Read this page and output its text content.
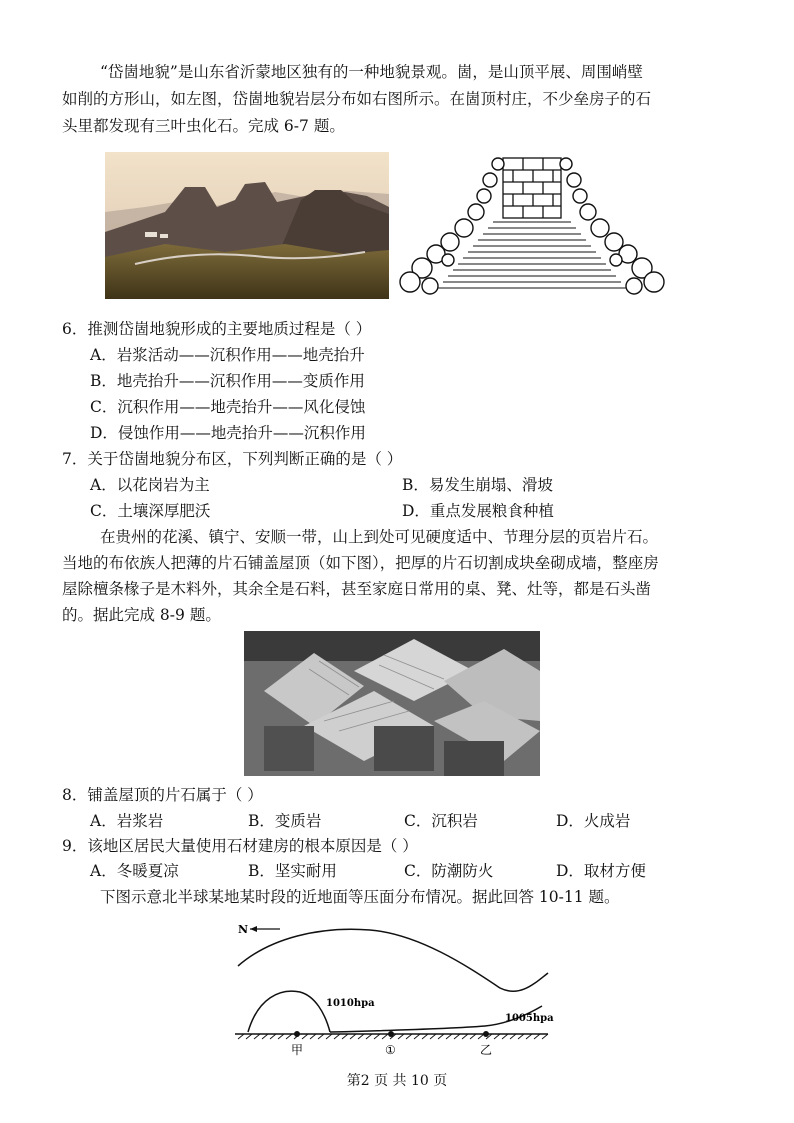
“岱崮地貌”是山东省沂蒙地区独有的一种地貌景观。崮，是山顶平展、周围峭壁
如削的方形山，如左图，岱崮地貌岩层分布如右图所示。在崮顶村庄，不少垒房子的石
头里都发现有三叶虫化石。完成 6-7 题。
6．推测岱崮地貌形成的主要地质过程是（ ）
A．岩浆活动——沉积作用——地壳抬升
B．地壳抬升——沉积作用——变质作用
C．沉积作用——地壳抬升——风化侵蚀
D．侵蚀作用——地壳抬升——沉积作用
7．关于岱崮地貌分布区，下列判断正确的是（ ）
A．以花岗岩为主	B．易发生崩塌、滑坡
C．土壤深厚肥沃	D．重点发展粮食种植
在贵州的花溪、镇宁、安顺一带，山上到处可见硬度适中、节理分层的页岩片石。
当地的布依族人把薄的片石铺盖屋顶（如下图），把厚的片石切割成块垒砌成墙，整座房
屋除檀条椽子是木料外，其余全是石料，甚至家庭日常用的桌、凳、灶等，都是石头凿
的。据此完成 8-9 题。
8．铺盖屋顶的片石属于（ ）
A．岩浆岩	B．变质岩	C．沉积岩	D．火成岩
9．该地区居民大量使用石材建房的根本原因是（ ）
A．冬暖夏凉	B．坚实耐用	C．防潮防火	D．取材方便
下图示意北半球某地某时段的近地面等压面分布情况。据此回答 10-11 题。
N
1010hpa
1005hpa
甲	①	乙
第2 页 共 10 页
